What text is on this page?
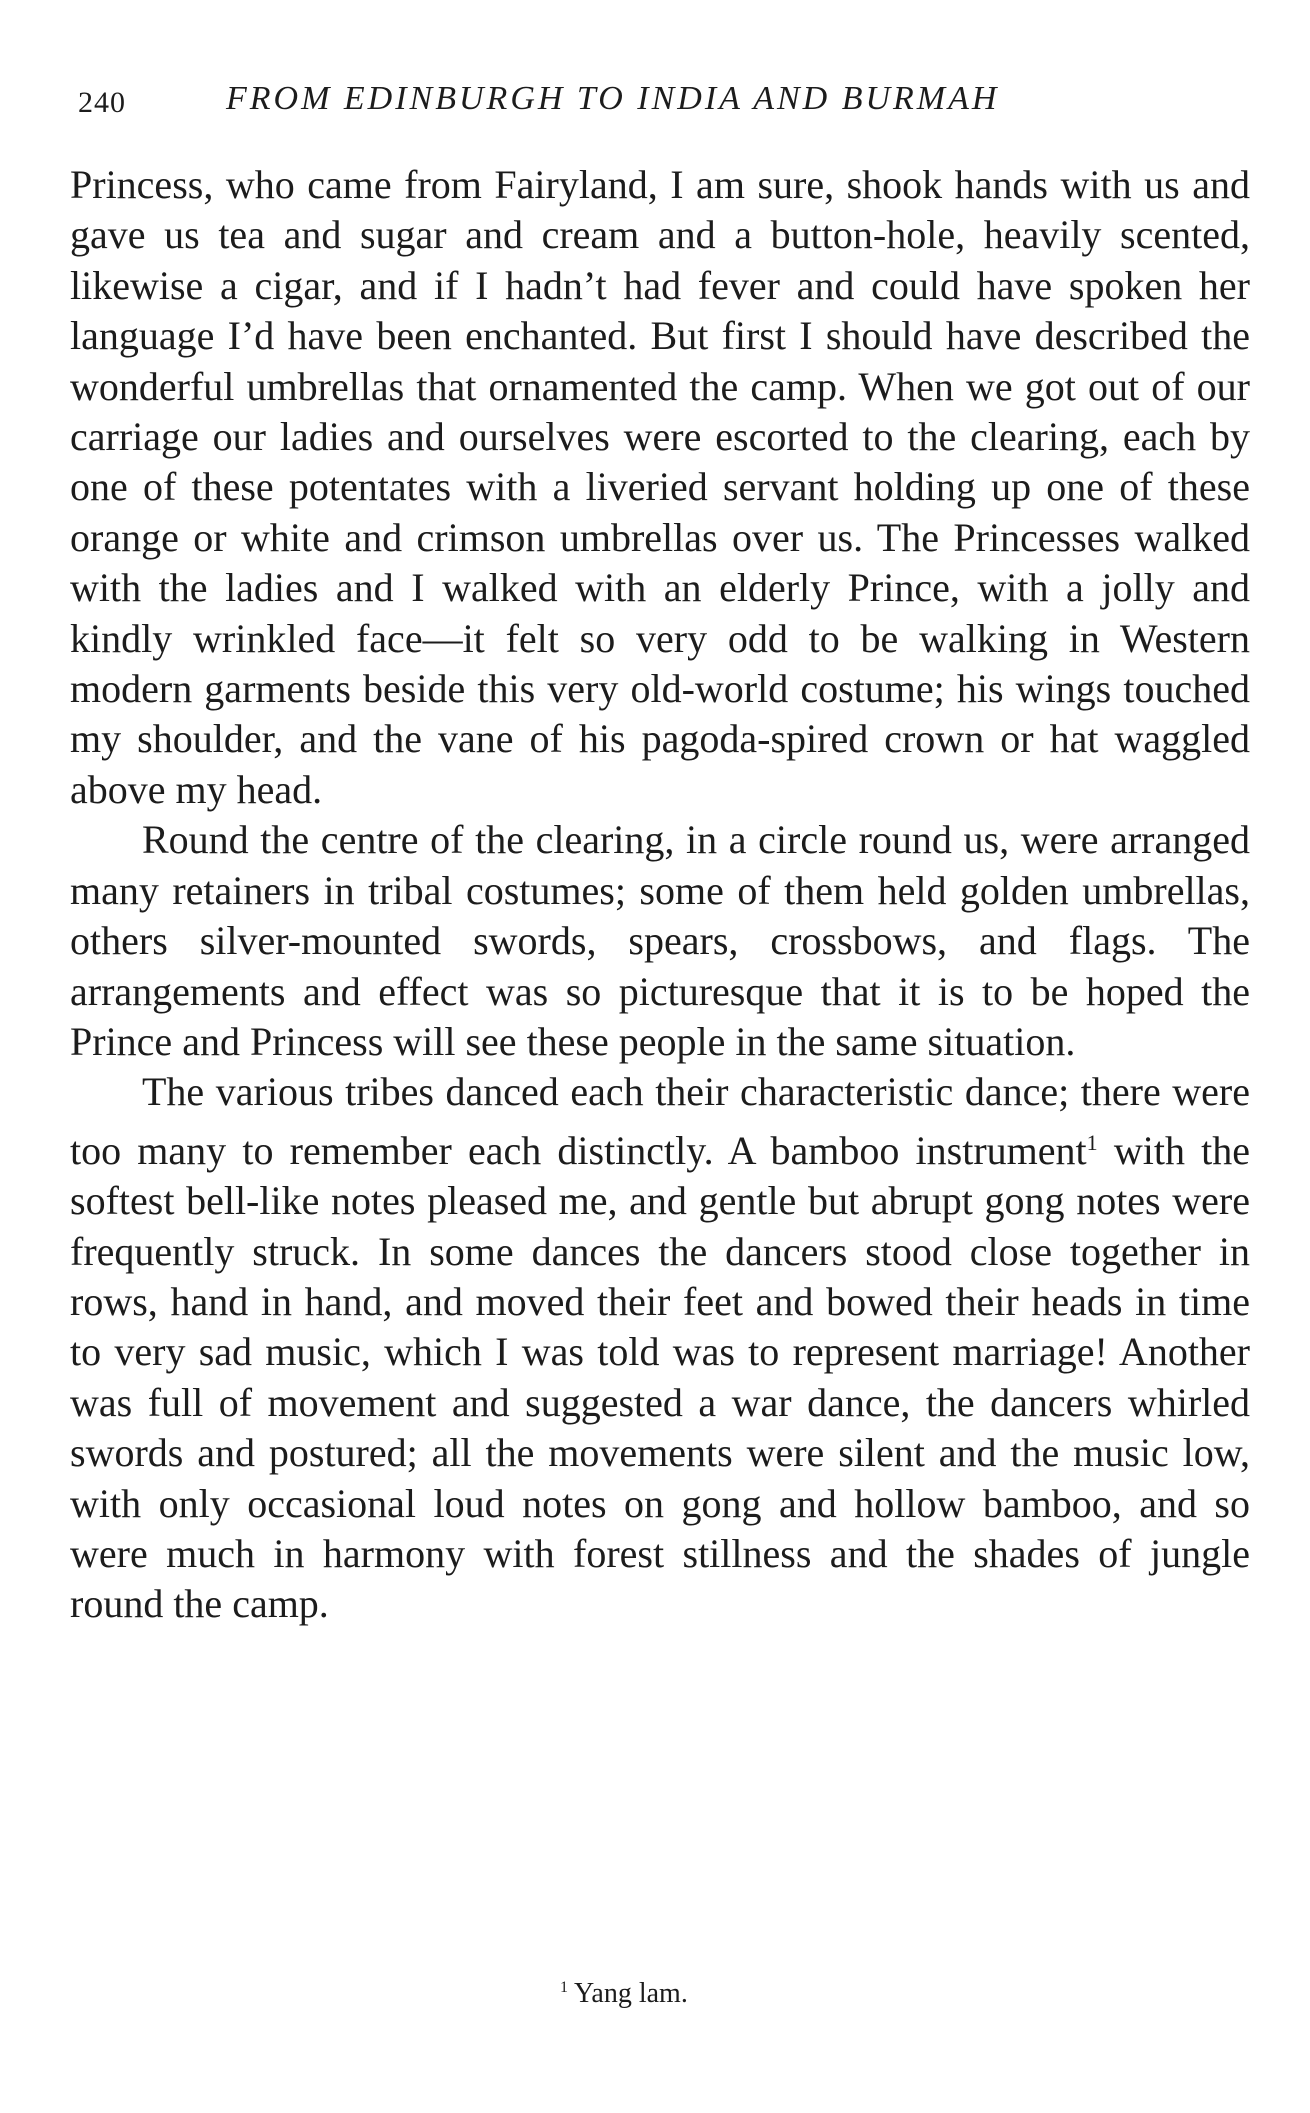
240	FROM EDINBURGH TO INDIA AND BURMAH

Princess, who came from Fairyland, I am sure, shook hands with us and gave us tea and sugar and cream and a button-hole, heavily scented, likewise a cigar, and if I hadn’t had fever and could have spoken her language I’d have been enchanted. But first I should have described the wonderful umbrellas that ornamented the camp. When we got out of our carriage our ladies and ourselves were escorted to the clearing, each by one of these potentates with a liveried servant holding up one of these orange or white and crimson umbrellas over us. The Princesses walked with the ladies and I walked with an elderly Prince, with a jolly and kindly wrinkled face—it felt so very odd to be walking in Western modern garments beside this very old-world costume; his wings touched my shoulder, and the vane of his pagoda-spired crown or hat waggled above my head.

Round the centre of the clearing, in a circle round us, were arranged many retainers in tribal costumes; some of them held golden umbrellas, others silver-mounted swords, spears, crossbows, and flags. The arrangements and effect was so picturesque that it is to be hoped the Prince and Princess will see these people in the same situation.

The various tribes danced each their characteristic dance; there were too many to remember each distinctly. A bamboo instrument$^1$ with the softest bell-like notes pleased me, and gentle but abrupt gong notes were frequently struck. In some dances the dancers stood close together in rows, hand in hand, and moved their feet and bowed their heads in time to very sad music, which I was told was to represent marriage! Another was full of movement and suggested a war dance, the dancers whirled swords and postured; all the movements were silent and the music low, with only occasional loud notes on gong and hollow bamboo, and so were much in harmony with forest stillness and the shades of jungle round the camp.

$^1$ Yang lam.
